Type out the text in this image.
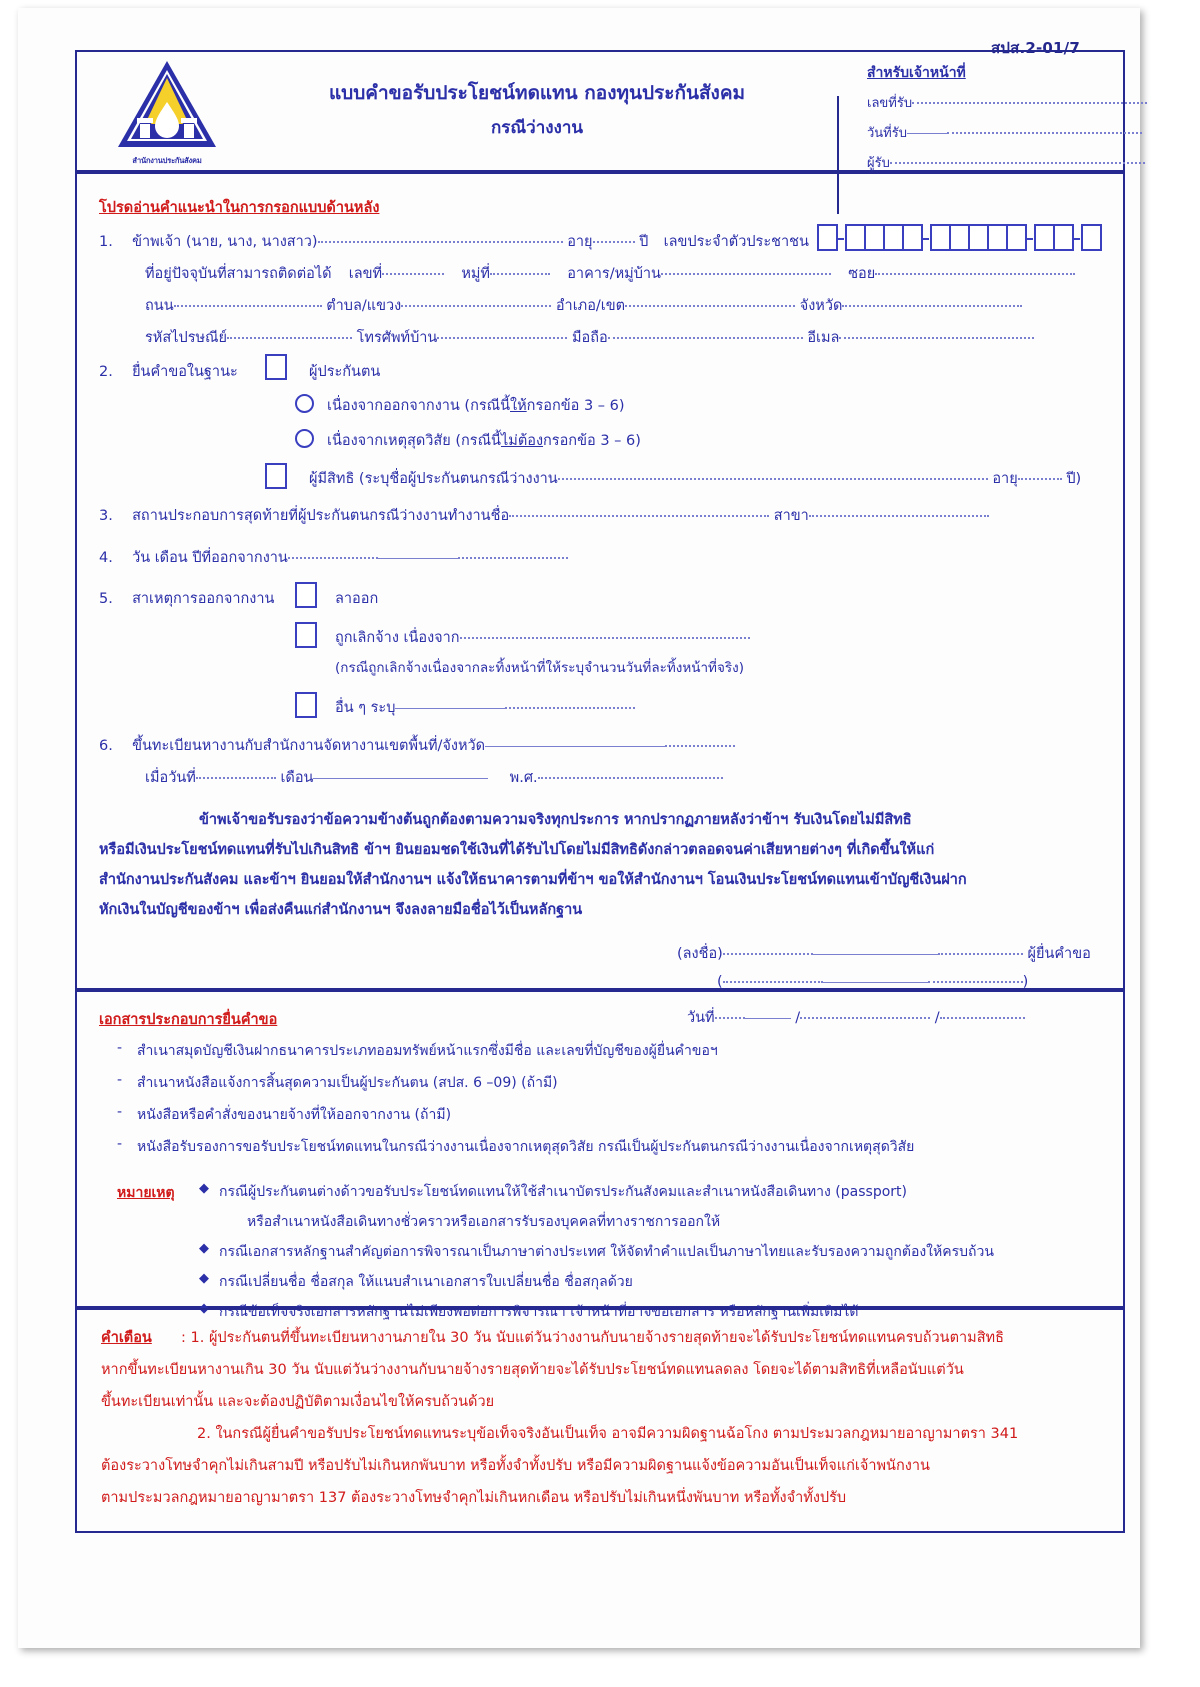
สปส.2-01/7
สำนักงานประกันสังคม
แบบคำขอรับประโยชน์ทดแทน กองทุนประกันสังคม
กรณีว่างงาน
สำหรับเจ้าหน้าที่
เลขที่รับ
วันที่รับ
ผู้รับ
โปรดอ่านคำแนะนำในการกรอกแบบด้านหลัง
1. ข้าพเจ้า (นาย, นาง, นางสาว)	อายุ	ปี เลขประจำตัวประชาชน
ที่อยู่ปัจจุบันที่สามารถติดต่อได้ เลขที่	หมู่ที่	อาคาร/หมู่บ้าน	ซอย
ถนน	ตำบล/แขวง	อำเภอ/เขต	จังหวัด
รหัสไปรษณีย์	โทรศัพท์บ้าน	มือถือ	อีเมล
2. ยื่นคำขอในฐานะ	ผู้ประกันตน
เนื่องจากออกจากงาน (กรณีนี้ให้กรอกข้อ 3 – 6)
เนื่องจากเหตุสุดวิสัย (กรณีนี้ไม่ต้องกรอกข้อ 3 – 6)
ผู้มีสิทธิ (ระบุชื่อผู้ประกันตนกรณีว่างงาน	อายุ	ปี)
3. สถานประกอบการสุดท้ายที่ผู้ประกันตนกรณีว่างงานทำงานชื่อ	สาขา
4. วัน เดือน ปีที่ออกจากงาน
5. สาเหตุการออกจากงาน	ลาออก
ถูกเลิกจ้าง เนื่องจาก
(กรณีถูกเลิกจ้างเนื่องจากละทิ้งหน้าที่ให้ระบุจำนวนวันที่ละทิ้งหน้าที่จริง)
อื่น ๆ ระบุ
6. ขึ้นทะเบียนหางานกับสำนักงานจัดหางานเขตพื้นที่/จังหวัด
เมื่อวันที่	เดือน	พ.ศ.
ข้าพเจ้าขอรับรองว่าข้อความข้างต้นถูกต้องตามความจริงทุกประการ หากปรากฏภายหลังว่าข้าฯ รับเงินโดยไม่มีสิทธิ
หรือมีเงินประโยชน์ทดแทนที่รับไปเกินสิทธิ ข้าฯ ยินยอมชดใช้เงินที่ได้รับไปโดยไม่มีสิทธิดังกล่าวตลอดจนค่าเสียหายต่างๆ ที่เกิดขึ้นให้แก่
สำนักงานประกันสังคม และข้าฯ ยินยอมให้สำนักงานฯ แจ้งให้ธนาคารตามที่ข้าฯ ขอให้สำนักงานฯ โอนเงินประโยชน์ทดแทนเข้าบัญชีเงินฝาก
หักเงินในบัญชีของข้าฯ เพื่อส่งคืนแก่สำนักงานฯ จึงลงลายมือชื่อไว้เป็นหลักฐาน
(ลงชื่อ)	ผู้ยื่นคำขอ
(	)
วันที่	/	/
เอกสารประกอบการยื่นคำขอ
- สำเนาสมุดบัญชีเงินฝากธนาคารประเภทออมทรัพย์หน้าแรกซึ่งมีชื่อ และเลขที่บัญชีของผู้ยื่นคำขอฯ
- สำเนาหนังสือแจ้งการสิ้นสุดความเป็นผู้ประกันตน (สปส. 6 –09) (ถ้ามี)
- หนังสือหรือคำสั่งของนายจ้างที่ให้ออกจากงาน (ถ้ามี)
- หนังสือรับรองการขอรับประโยชน์ทดแทนในกรณีว่างงานเนื่องจากเหตุสุดวิสัย กรณีเป็นผู้ประกันตนกรณีว่างงานเนื่องจากเหตุสุดวิสัย
หมายเหตุ ◆ กรณีผู้ประกันตนต่างด้าวขอรับประโยชน์ทดแทนให้ใช้สำเนาบัตรประกันสังคมและสำเนาหนังสือเดินทาง (passport)
หรือสำเนาหนังสือเดินทางชั่วคราวหรือเอกสารรับรองบุคคลที่ทางราชการออกให้
◆ กรณีเอกสารหลักฐานสำคัญต่อการพิจารณาเป็นภาษาต่างประเทศ ให้จัดทำคำแปลเป็นภาษาไทยและรับรองความถูกต้องให้ครบถ้วน
◆ กรณีเปลี่ยนชื่อ ชื่อสกุล ให้แนบสำเนาเอกสารใบเปลี่ยนชื่อ ชื่อสกุลด้วย
◆ กรณีข้อเท็จจริงเอกสารหลักฐานไม่เพียงพอต่อการพิจารณา เจ้าหน้าที่อาจขอเอกสาร หรือหลักฐานเพิ่มเติมได้
คำเตือน : 1. ผู้ประกันตนที่ขึ้นทะเบียนหางานภายใน 30 วัน นับแต่วันว่างงานกับนายจ้างรายสุดท้ายจะได้รับประโยชน์ทดแทนครบถ้วนตามสิทธิ
หากขึ้นทะเบียนหางานเกิน 30 วัน นับแต่วันว่างงานกับนายจ้างรายสุดท้ายจะได้รับประโยชน์ทดแทนลดลง โดยจะได้ตามสิทธิที่เหลือนับแต่วัน
ขึ้นทะเบียนเท่านั้น และจะต้องปฏิบัติตามเงื่อนไขให้ครบถ้วนด้วย
2. ในกรณีผู้ยื่นคำขอรับประโยชน์ทดแทนระบุข้อเท็จจริงอันเป็นเท็จ อาจมีความผิดฐานฉ้อโกง ตามประมวลกฎหมายอาญามาตรา 341
ต้องระวางโทษจำคุกไม่เกินสามปี หรือปรับไม่เกินหกพันบาท หรือทั้งจำทั้งปรับ หรือมีความผิดฐานแจ้งข้อความอันเป็นเท็จแก่เจ้าพนักงาน
ตามประมวลกฎหมายอาญามาตรา 137 ต้องระวางโทษจำคุกไม่เกินหกเดือน หรือปรับไม่เกินหนึ่งพันบาท หรือทั้งจำทั้งปรับ
